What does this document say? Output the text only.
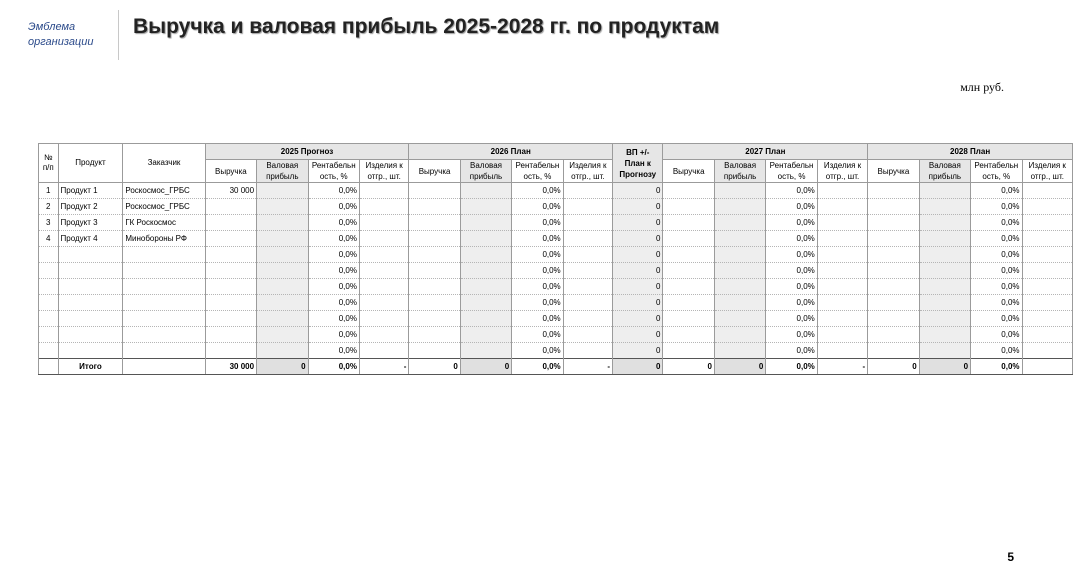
Эмблема
организации
Выручка и валовая прибыль 2025-2028 гг. по продуктам
млн руб.
№ п/п	Продукт	Заказчик	2025 Прогноз				2026 План				ВП +/- План к Прогнозу	2027 План				2028 План			
			Выручка	Валовая прибыль	Рентабельн ость, %	Изделия к отгр., шт.	Выручка	Валовая прибыль	Рентабельн ость, %	Изделия к отгр., шт.		Выручка	Валовая прибыль	Рентабельн ость, %	Изделия к отгр., шт.	Выручка	Валовая прибыль	Рентабельн ость, %	Изделия к отгр., шт.
1	Продукт 1	Роскосмос_ГРБС	30 000		0,0%				0,0%		0			0,0%				0,0%	
2	Продукт 2	Роскосмос_ГРБС			0,0%				0,0%		0			0,0%				0,0%	
3	Продукт 3	ГК Роскосмос			0,0%				0,0%		0			0,0%				0,0%	
4	Продукт 4	Минобороны РФ			0,0%				0,0%		0			0,0%				0,0%	
					0,0%				0,0%		0			0,0%				0,0%	
					0,0%				0,0%		0			0,0%				0,0%	
					0,0%				0,0%		0			0,0%				0,0%	
					0,0%				0,0%		0			0,0%				0,0%	
					0,0%				0,0%		0			0,0%				0,0%	
					0,0%				0,0%		0			0,0%				0,0%	
					0,0%				0,0%		0			0,0%				0,0%	
	Итого		30 000	0	0,0%	-	0	0	0,0%	-	0	0	0	0,0%	-	0	0	0,0%	
5
